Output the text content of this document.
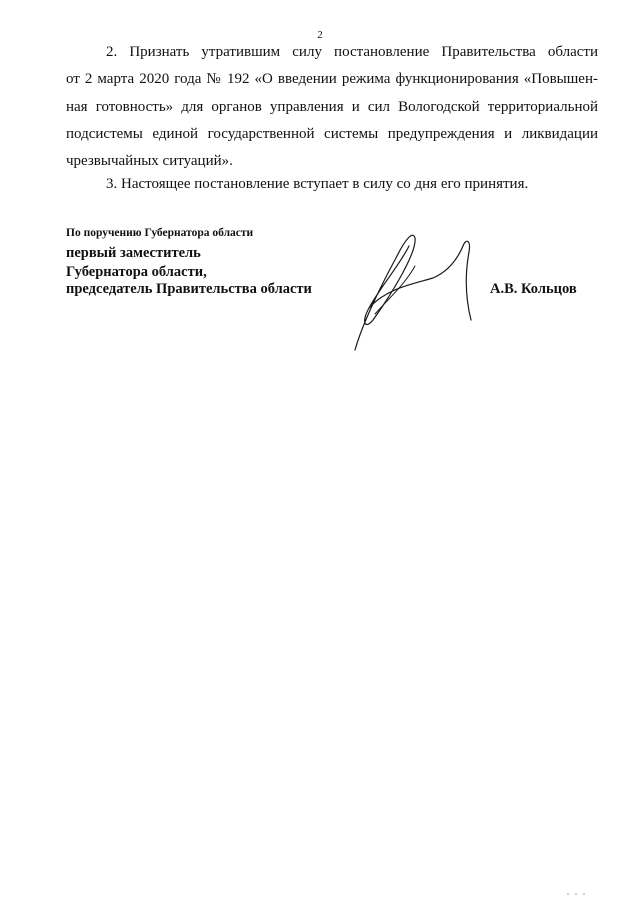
2
2. Признать утратившим силу постановление Правительства области
от 2 марта 2020 года № 192 «О введении режима функционирования «Повышен-
ная готовность» для органов управления и сил Вологодской территориальной
подсистемы единой государственной системы предупреждения и ликвидации
чрезвычайных ситуаций».
3. Настоящее постановление вступает в силу со дня его принятия.
По поручению Губернатора области
первый заместитель
Губернатора области,
председатель Правительства области	А.В. Кольцов
